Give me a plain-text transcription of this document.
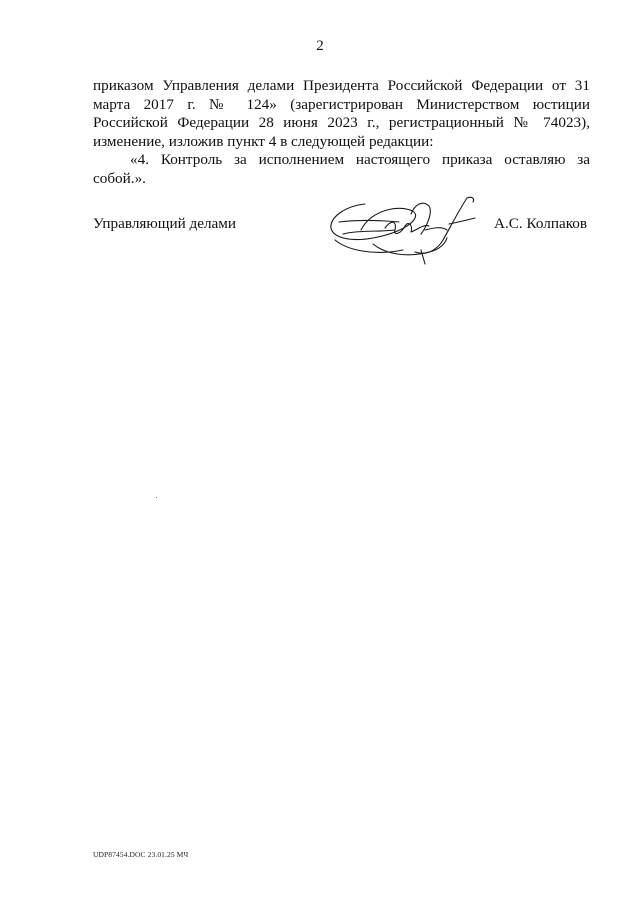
2

приказом Управления делами Президента Российской Федерации от 31 марта 2017 г. № 124» (зарегистрирован Министерством юстиции Российской Федерации 28 июня 2023 г., регистрационный № 74023), изменение, изложив пункт 4 в следующей редакции:

«4. Контроль за исполнением настоящего приказа оставляю за собой.».

Управляющий делами	А.С. Колпаков
UDP87454.DOC 23.01.25 МЧ
